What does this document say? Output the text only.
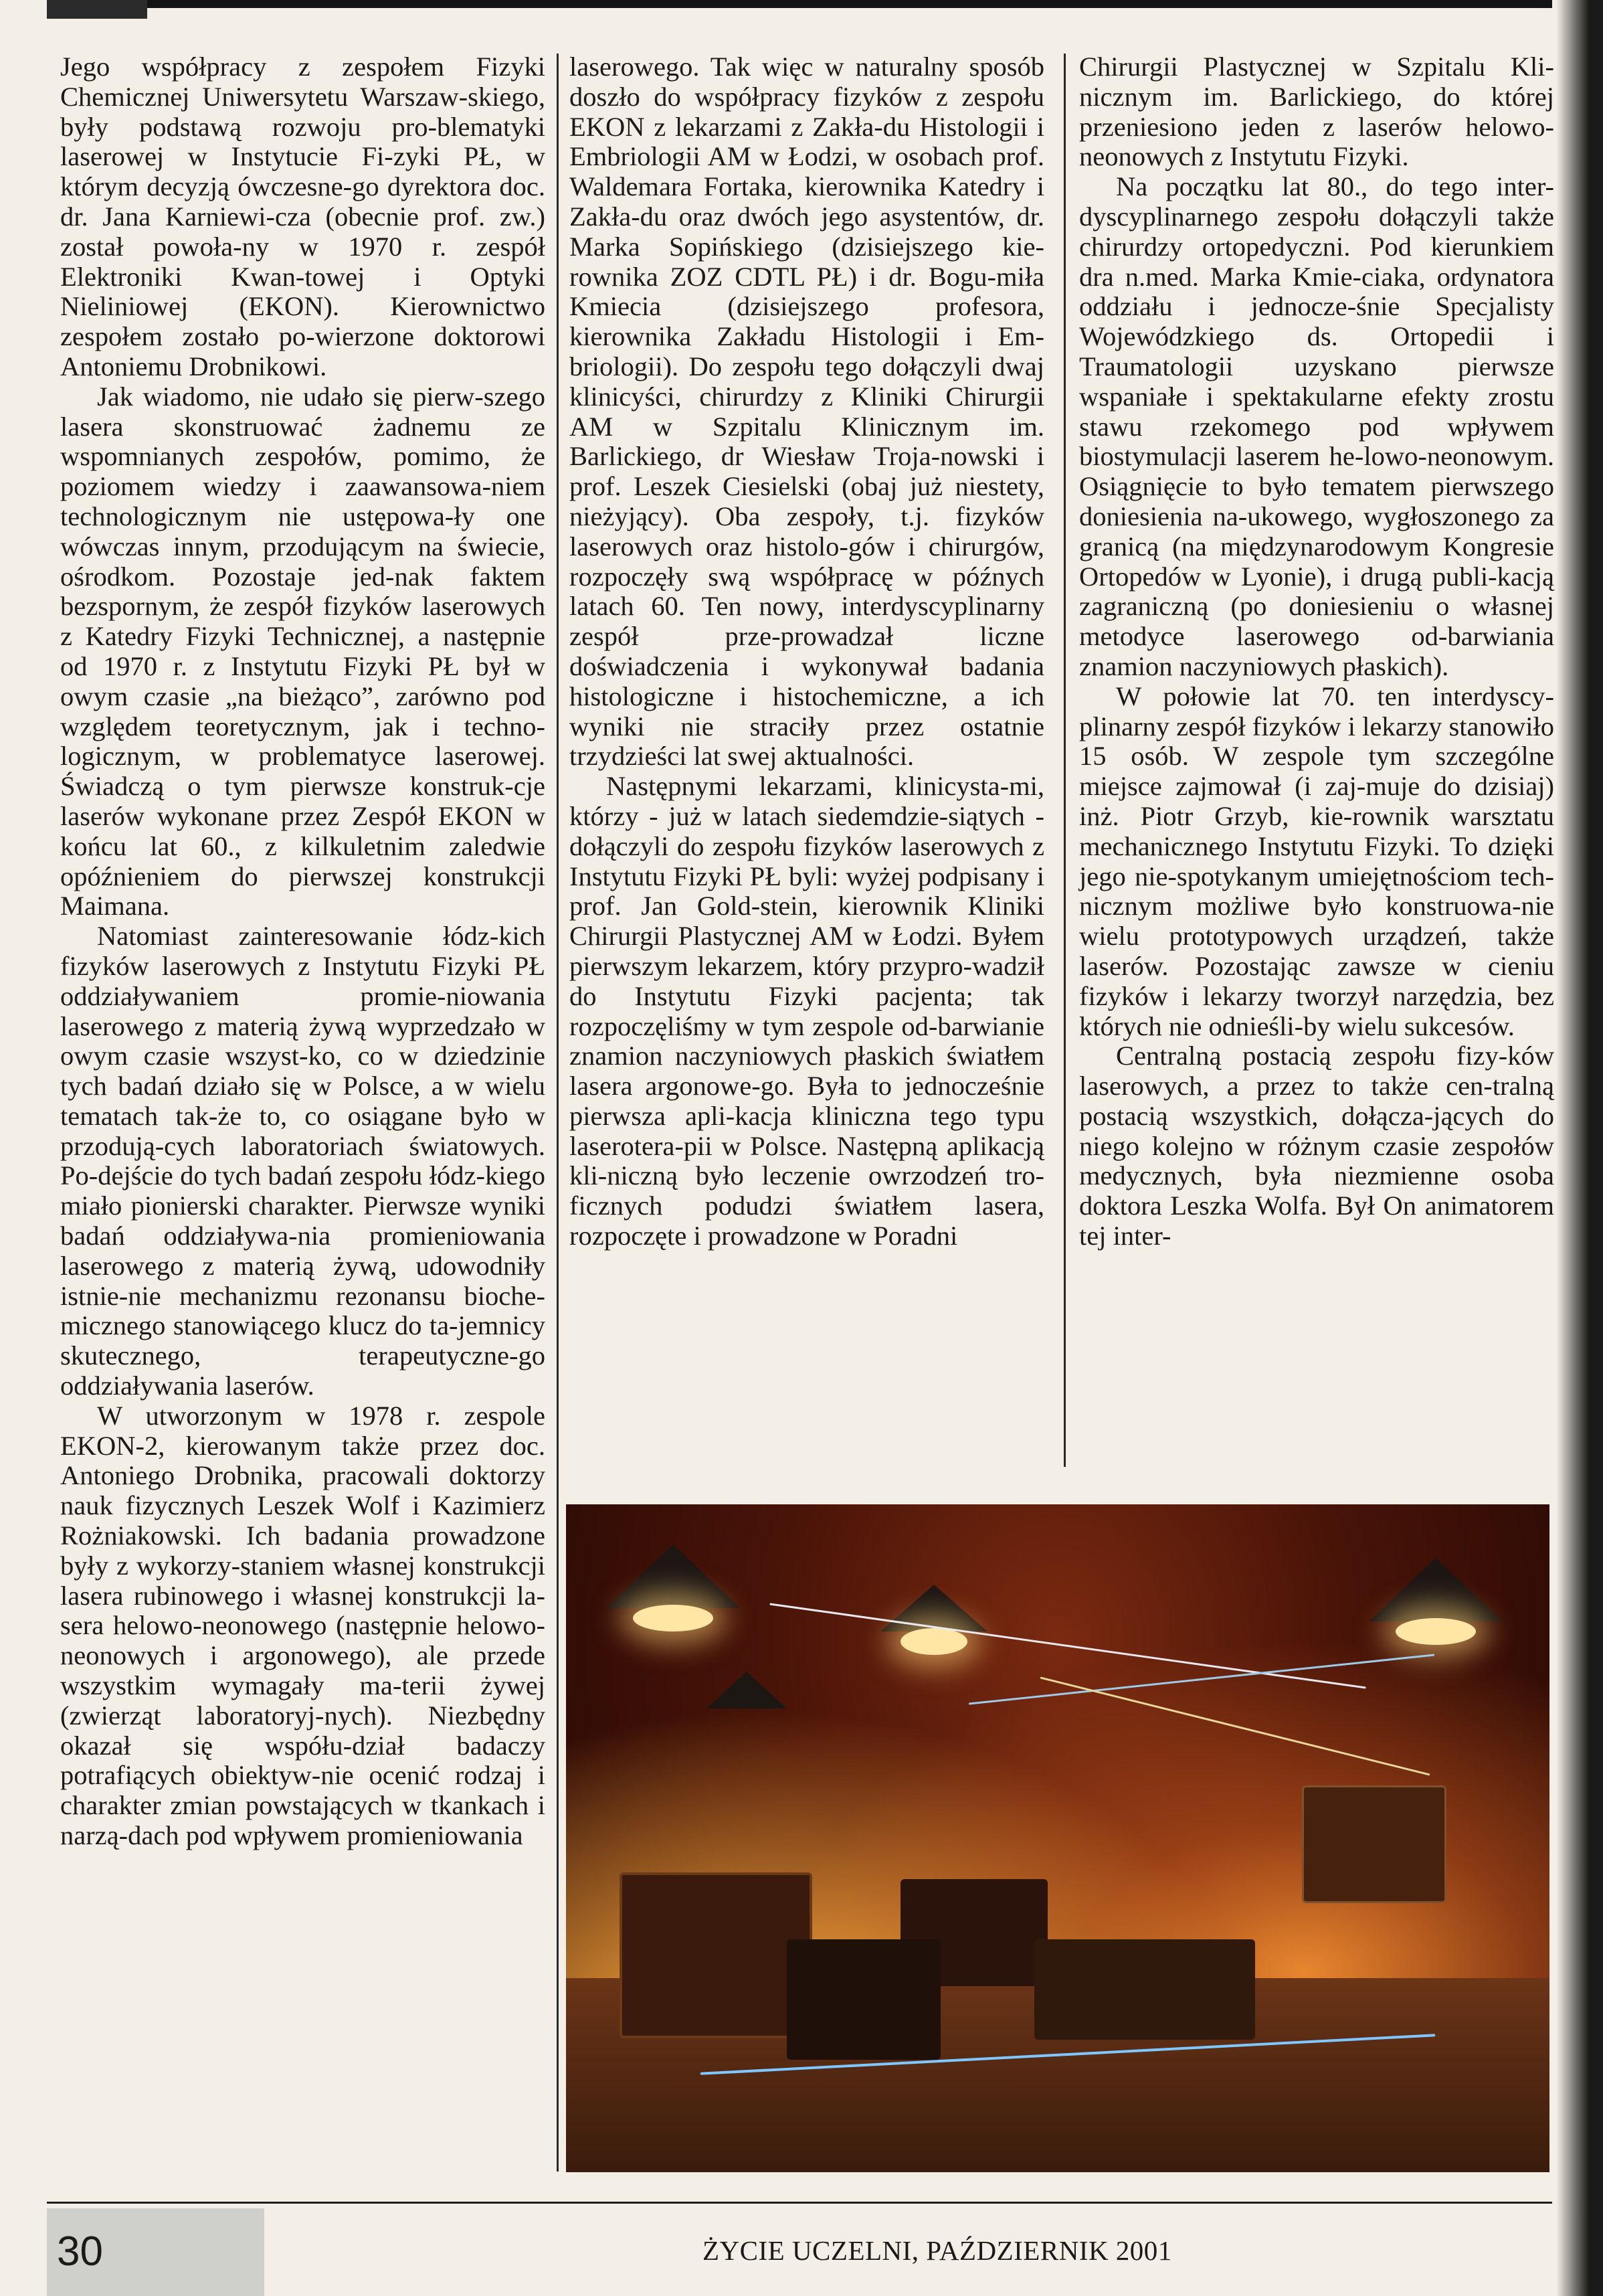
Jego współpracy z zespołem Fizyki Chemicznej Uniwersytetu Warszaw-skiego, były podstawą rozwoju pro-blematyki laserowej w Instytucie Fi-zyki PŁ, w którym decyzją ówczesne-go dyrektora doc. dr. Jana Karniewi-cza (obecnie prof. zw.) został powoła-ny w 1970 r. zespół Elektroniki Kwan-towej i Optyki Nieliniowej (EKON). Kierownictwo zespołem zostało po-wierzone doktorowi Antoniemu Drobnikowi.

Jak wiadomo, nie udało się pierw-szego lasera skonstruować żadnemu ze wspomnianych zespołów, pomimo, że poziomem wiedzy i zaawansowa-niem technologicznym nie ustępowa-ły one wówczas innym, przodującym na świecie, ośrodkom. Pozostaje jed-nak faktem bezspornym, że zespół fizyków laserowych z Katedry Fizyki Technicznej, a następnie od 1970 r. z Instytutu Fizyki PŁ był w owym czasie „na bieżąco”, zarówno pod względem teoretycznym, jak i techno-logicznym, w problematyce laserowej. Świadczą o tym pierwsze konstruk-cje laserów wykonane przez Zespół EKON w końcu lat 60., z kilkuletnim zaledwie opóźnieniem do pierwszej konstrukcji Maimana.

Natomiast zainteresowanie łódz-kich fizyków laserowych z Instytutu Fizyki PŁ oddziaływaniem promie-niowania laserowego z materią żywą wyprzedzało w owym czasie wszyst-ko, co w dziedzinie tych badań działo się w Polsce, a w wielu tematach tak-że to, co osiągane było w przodują-cych laboratoriach światowych. Po-dejście do tych badań zespołu łódz-kiego miało pionierski charakter. Pierwsze wyniki badań oddziaływa-nia promieniowania laserowego z materią żywą, udowodniły istnie-nie mechanizmu rezonansu bioche-micznego stanowiącego klucz do ta-jemnicy skutecznego, terapeutyczne-go oddziaływania laserów.

W utworzonym w 1978 r. zespole EKON-2, kierowanym także przez doc. Antoniego Drobnika, pracowali doktorzy nauk fizycznych Leszek Wolf i Kazimierz Rożniakowski. Ich badania prowadzone były z wykorzy-staniem własnej konstrukcji lasera rubinowego i własnej konstrukcji la-sera helowo-neonowego (następnie helowo-neonowych i argonowego), ale przede wszystkim wymagały ma-terii żywej (zwierząt laboratoryj-nych). Niezbędny okazał się współu-dział badaczy potrafiących obiektyw-nie ocenić rodzaj i charakter zmian powstających w tkankach i narzą-dach pod wpływem promieniowania

laserowego. Tak więc w naturalny sposób doszło do współpracy fizyków z zespołu EKON z lekarzami z Zakła-du Histologii i Embriologii AM w Łodzi, w osobach prof. Waldemara Fortaka, kierownika Katedry i Zakła-du oraz dwóch jego asystentów, dr. Marka Sopińskiego (dzisiejszego kie-rownika ZOZ CDTL PŁ) i dr. Bogu-miła Kmiecia (dzisiejszego profesora, kierownika Zakładu Histologii i Em-briologii). Do zespołu tego dołączyli dwaj klinicyści, chirurdzy z Kliniki Chirurgii AM w Szpitalu Klinicznym im. Barlickiego, dr Wiesław Troja-nowski i prof. Leszek Ciesielski (obaj już niestety, nieżyjący). Oba zespoły, t.j. fizyków laserowych oraz histolo-gów i chirurgów, rozpoczęły swą współpracę w późnych latach 60. Ten nowy, interdyscyplinarny zespół prze-prowadzał liczne doświadczenia i wykonywał badania histologiczne i histochemiczne, a ich wyniki nie straciły przez ostatnie trzydzieści lat swej aktualności.

Następnymi lekarzami, klinicysta-mi, którzy - już w latach siedemdzie-siątych - dołączyli do zespołu fizyków laserowych z Instytutu Fizyki PŁ byli: wyżej podpisany i prof. Jan Gold-stein, kierownik Kliniki Chirurgii Plastycznej AM w Łodzi. Byłem pierwszym lekarzem, który przypro-wadził do Instytutu Fizyki pacjenta; tak rozpoczęliśmy w tym zespole od-barwianie znamion naczyniowych płaskich światłem lasera argonowe-go. Była to jednocześnie pierwsza apli-kacja kliniczna tego typu laserotera-pii w Polsce. Następną aplikacją kli-niczną było leczenie owrzodzeń tro-ficznych podudzi światłem lasera, rozpoczęte i prowadzone w Poradni

Chirurgii Plastycznej w Szpitalu Kli-nicznym im. Barlickiego, do której przeniesiono jeden z laserów helowo-neonowych z Instytutu Fizyki.

Na początku lat 80., do tego inter-dyscyplinarnego zespołu dołączyli także chirurdzy ortopedyczni. Pod kierunkiem dra n.med. Marka Kmie-ciaka, ordynatora oddziału i jednocze-śnie Specjalisty Wojewódzkiego ds. Ortopedii i Traumatologii uzyskano pierwsze wspaniałe i spektakularne efekty zrostu stawu rzekomego pod wpływem biostymulacji laserem he-lowo-neonowym. Osiągnięcie to było tematem pierwszego doniesienia na-ukowego, wygłoszonego za granicą (na międzynarodowym Kongresie Ortopedów w Lyonie), i drugą publi-kacją zagraniczną (po doniesieniu o własnej metodyce laserowego od-barwiania znamion naczyniowych płaskich).

W połowie lat 70. ten interdyscy-plinarny zespół fizyków i lekarzy stanowiło 15 osób. W zespole tym szczególne miejsce zajmował (i zaj-muje do dzisiaj) inż. Piotr Grzyb, kie-rownik warsztatu mechanicznego Instytutu Fizyki. To dzięki jego nie-spotykanym umiejętnościom tech-nicznym możliwe było konstruowa-nie wielu prototypowych urządzeń, także laserów. Pozostając zawsze w cieniu fizyków i lekarzy tworzył narzędzia, bez których nie odnieśli-by wielu sukcesów.

Centralną postacią zespołu fizy-ków laserowych, a przez to także cen-tralną postacią wszystkich, dołącza-jących do niego kolejno w różnym czasie zespołów medycznych, była niezmienne osoba doktora Leszka Wolfa. Był On animatorem tej inter-

30	ŻYCIE UCZELNI, PAŹDZIERNIK 2001
